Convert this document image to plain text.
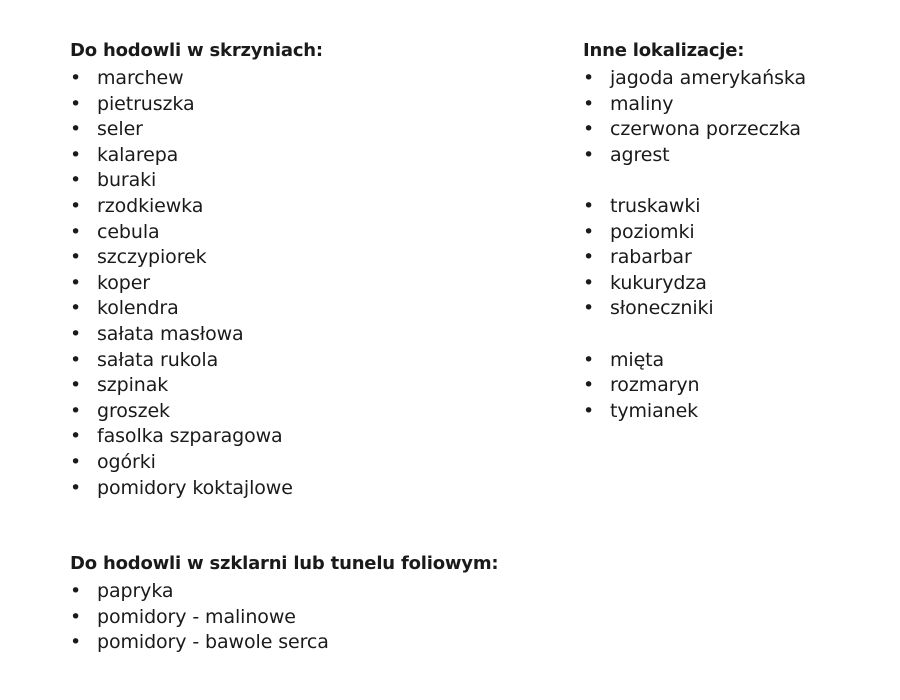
Do hodowli w skrzyniach:
• marchew
• pietruszka
• seler
• kalarepa
• buraki
• rzodkiewka
• cebula
• szczypiorek
• koper
• kolendra
• sałata masłowa
• sałata rukola
• szpinak
• groszek
• fasolka szparagowa
• ogórki
• pomidory koktajlowe
Do hodowli w szklarni lub tunelu foliowym:
• papryka
• pomidory - malinowe
• pomidory - bawole serca
Inne lokalizacje:
• jagoda amerykańska
• maliny
• czerwona porzeczka
• agrest
• truskawki
• poziomki
• rabarbar
• kukurydza
• słoneczniki
• mięta
• rozmaryn
• tymianek
